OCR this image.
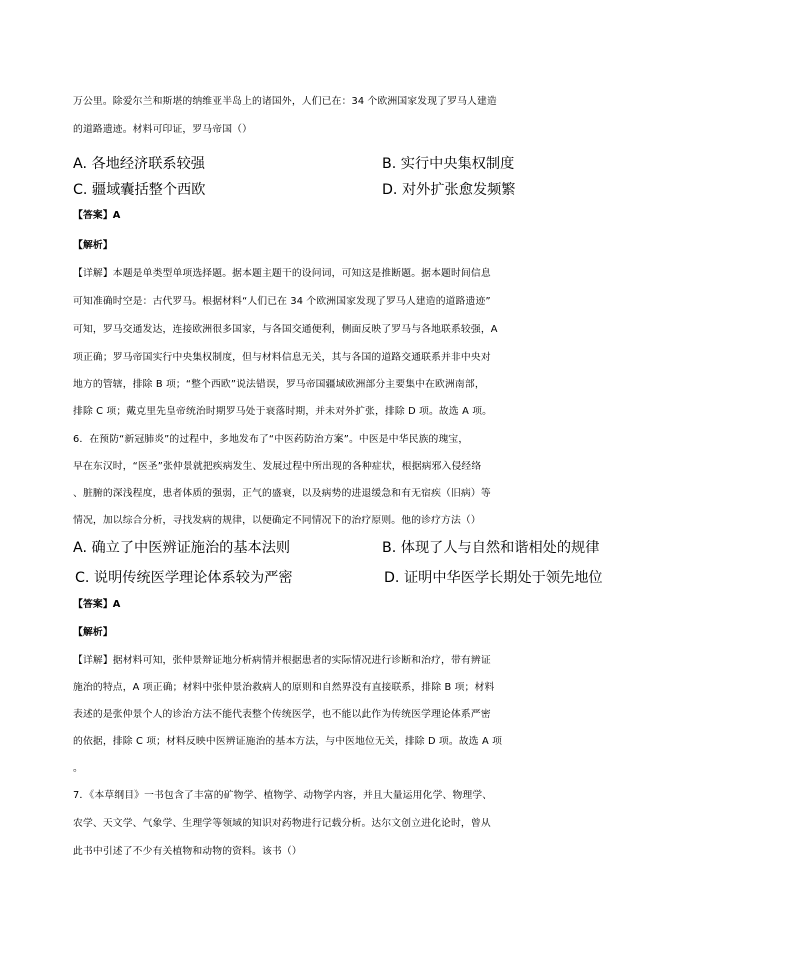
万公里。除爱尔兰和斯堪的纳维亚半岛上的诸国外，人们已在：34 个欧洲国家发现了罗马人建造
的道路遗迹。材料可印证，罗马帝国（）
A. 各地经济联系较强	B. 实行中央集权制度
C. 疆域囊括整个西欧	D. 对外扩张愈发频繁
【答案】A
【解析】
【详解】本题是单类型单项选择题。据本题主题干的设问词，可知这是推断题。据本题时间信息
可知准确时空是：古代罗马。根据材料“人们已在 34 个欧洲国家发现了罗马人建造的道路遗迹”
可知，罗马交通发达，连接欧洲很多国家，与各国交通便利，侧面反映了罗马与各地联系较强，A
项正确；罗马帝国实行中央集权制度，但与材料信息无关，其与各国的道路交通联系并非中央对
地方的管辖，排除 B 项；“整个西欧”说法错误，罗马帝国疆域欧洲部分主要集中在欧洲南部，
排除 C 项；戴克里先皇帝统治时期罗马处于衰落时期，并未对外扩张，排除 D 项。故选 A 项。
6．在预防“新冠肺炎”的过程中，多地发布了“中医药防治方案”。中医是中华民族的瑰宝，
早在东汉时，“医圣”张仲景就把疾病发生、发展过程中所出现的各种症状，根据病邪入侵经络
、脏腑的深浅程度，患者体质的强弱，正气的盛衰，以及病势的进退缓急和有无宿疾（旧病）等
情况，加以综合分析，寻找发病的规律，以便确定不同情况下的治疗原则。他的诊疗方法（）
A. 确立了中医辨证施治的基本法则	B. 体现了人与自然和谐相处的规律
C. 说明传统医学理论体系较为严密	D. 证明中华医学长期处于领先地位
【答案】A
【解析】
【详解】据材料可知，张仲景辩证地分析病情并根据患者的实际情况进行诊断和治疗，带有辨证
施治的特点，A 项正确；材料中张仲景治救病人的原则和自然界没有直接联系，排除 B 项；材料
表述的是张仲景个人的诊治方法不能代表整个传统医学，也不能以此作为传统医学理论体系严密
的依据，排除 C 项；材料反映中医辨证施治的基本方法，与中医地位无关，排除 D 项。故选 A 项
。
7．《本草纲目》一书包含了丰富的矿物学、植物学、动物学内容，并且大量运用化学、物理学、
农学、天文学、气象学、生理学等领域的知识对药物进行记载分析。达尔文创立进化论时，曾从
此书中引述了不少有关植物和动物的资料。该书（）
